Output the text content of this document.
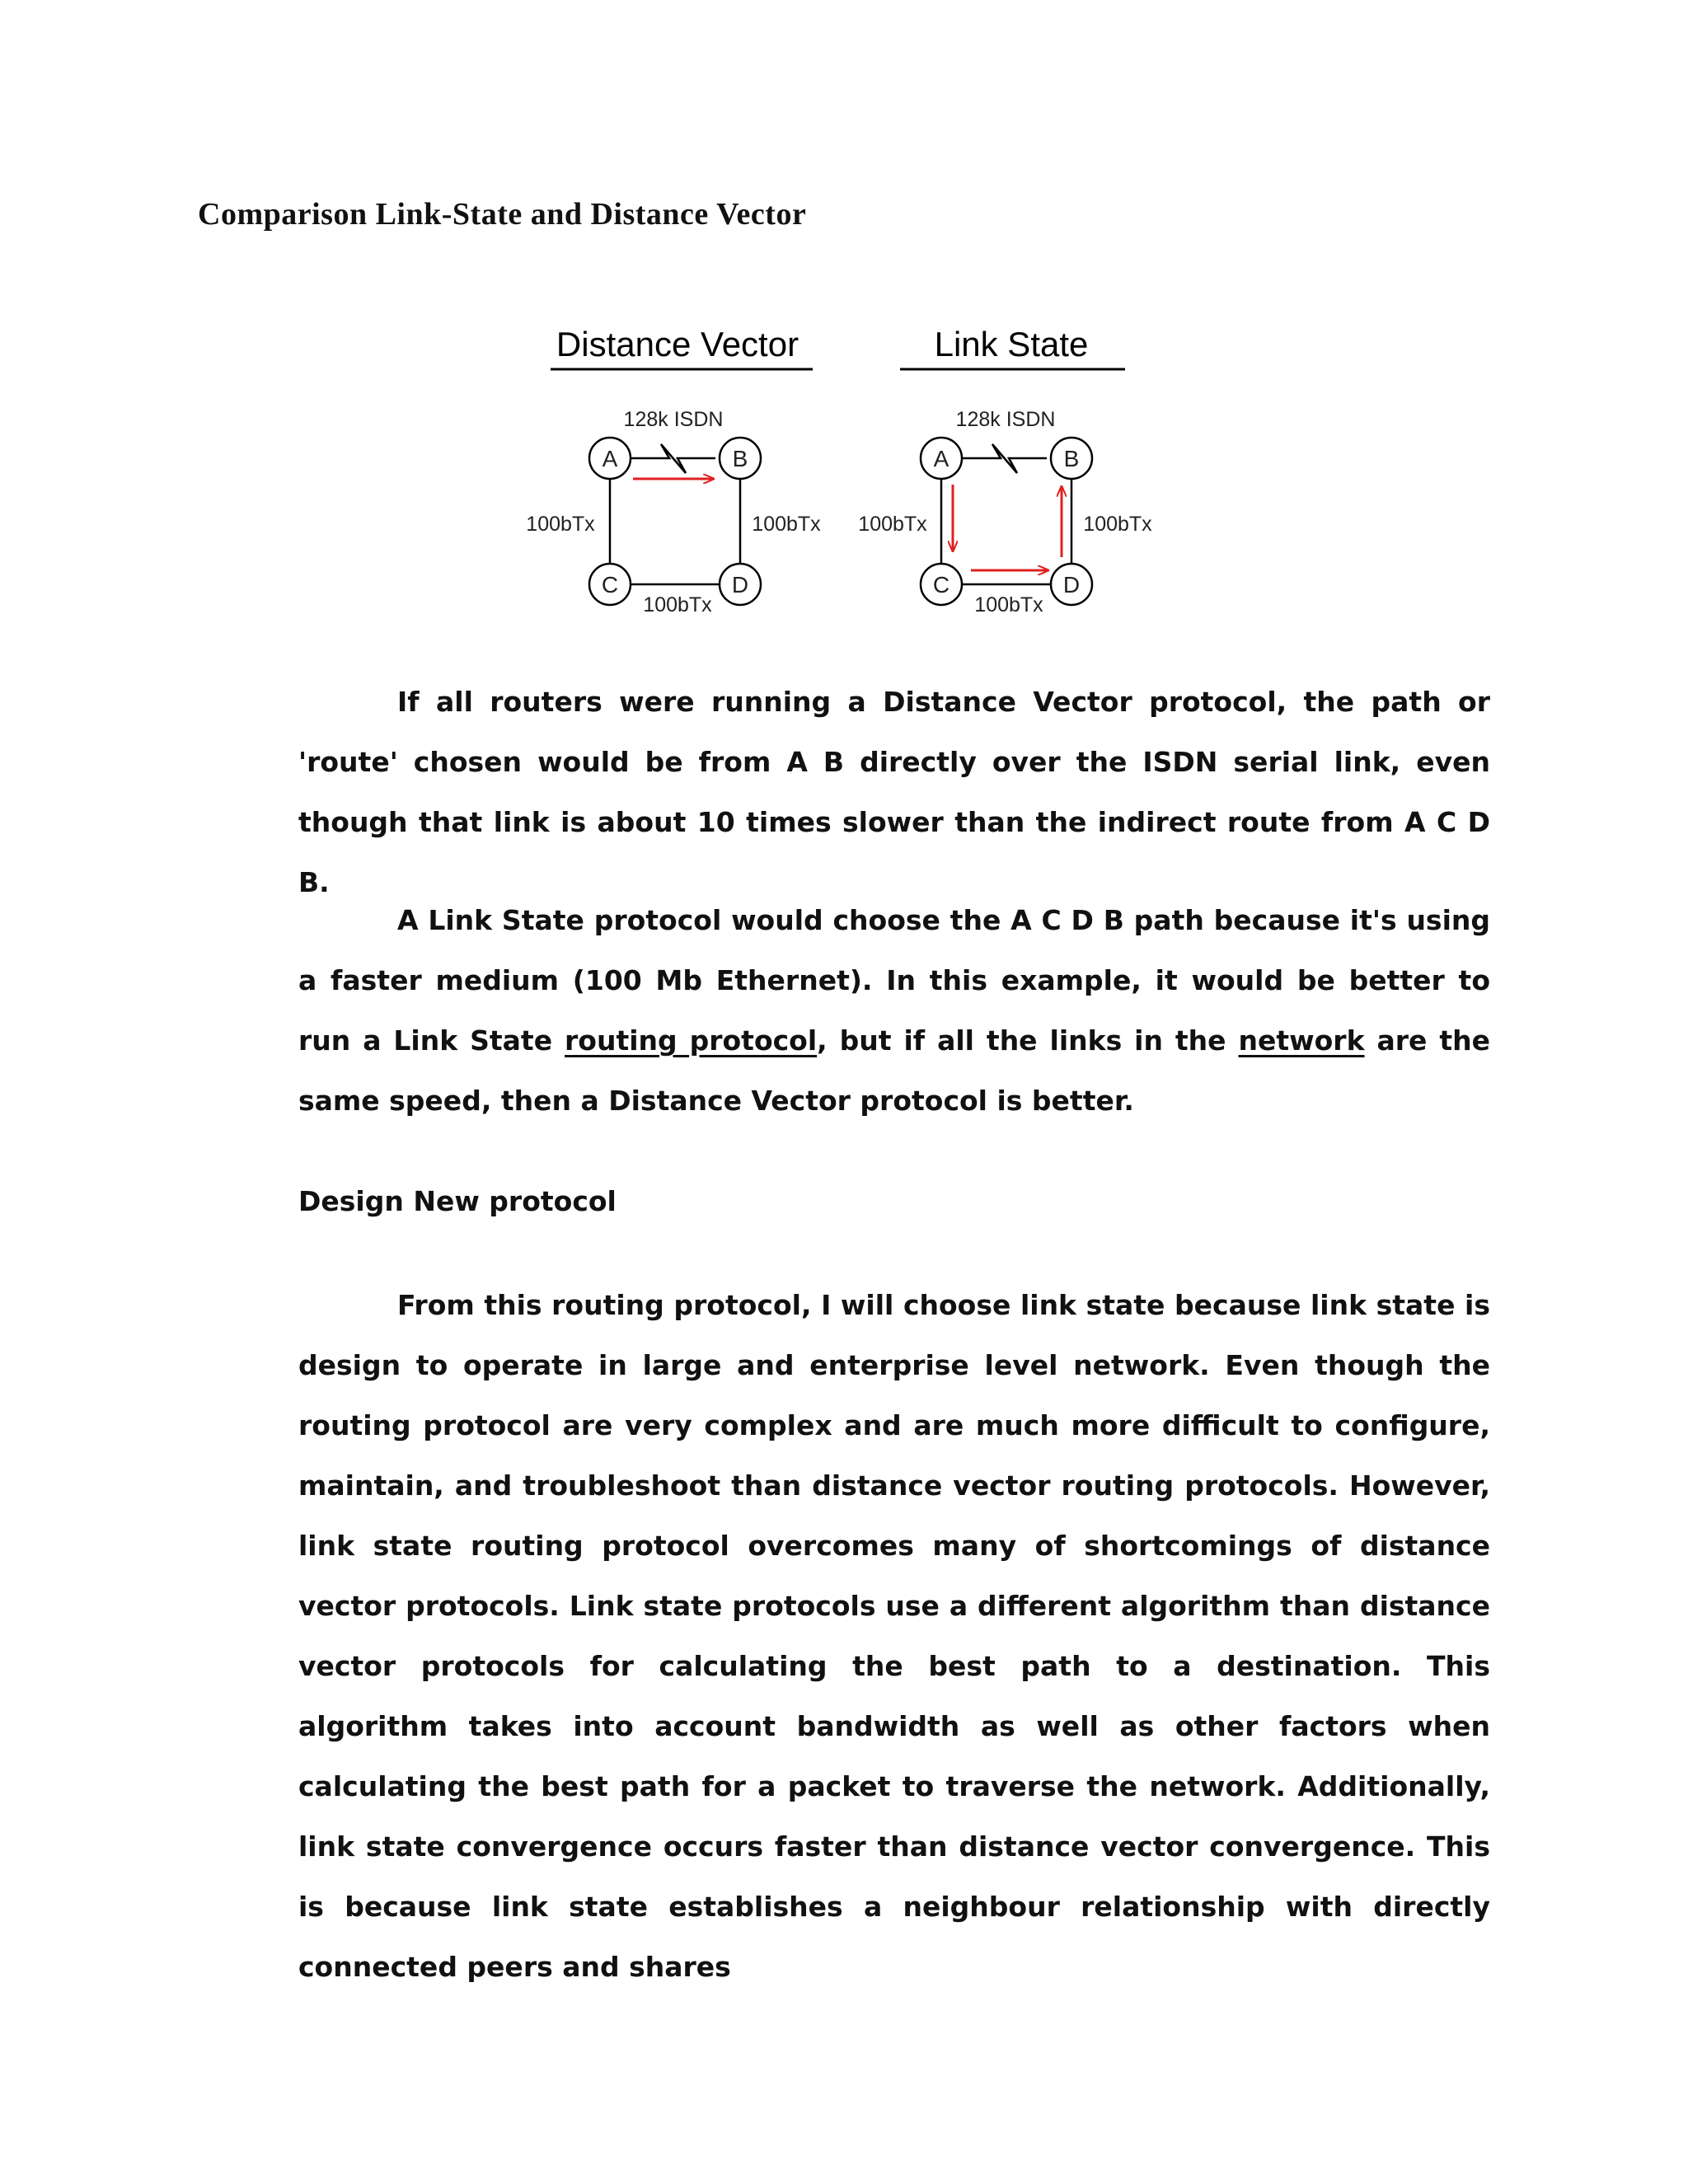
Comparison Link-State and Distance Vector
Distance Vector
128k ISDN
100bTx	100bTx
100bTx
A	B
C	D
Link State
128k ISDN
100bTx	100bTx
100bTx
A	B
C	D

If all routers were running a Distance Vector protocol, the path or 'route' chosen would be from A B directly over the ISDN serial link, even though that link is about 10 times slower than the indirect route from A C D B.

A Link State protocol would choose the A C D B path because it's using a faster medium (100 Mb Ethernet). In this example, it would be better to run a Link State routing protocol, but if all the links in the network are the same speed, then a Distance Vector protocol is better.

Design New protocol

From this routing protocol, I will choose link state because link state is design to operate in large and enterprise level network. Even though the routing protocol are very complex and are much more difficult to configure, maintain, and troubleshoot than distance vector routing protocols. However, link state routing protocol overcomes many of shortcomings of distance vector protocols. Link state protocols use a different algorithm than distance vector protocols for calculating the best path to a destination. This algorithm takes into account bandwidth as well as other factors when calculating the best path for a packet to traverse the network. Additionally, link state convergence occurs faster than distance vector convergence. This is because link state establishes a neighbour relationship with directly connected peers and shares
